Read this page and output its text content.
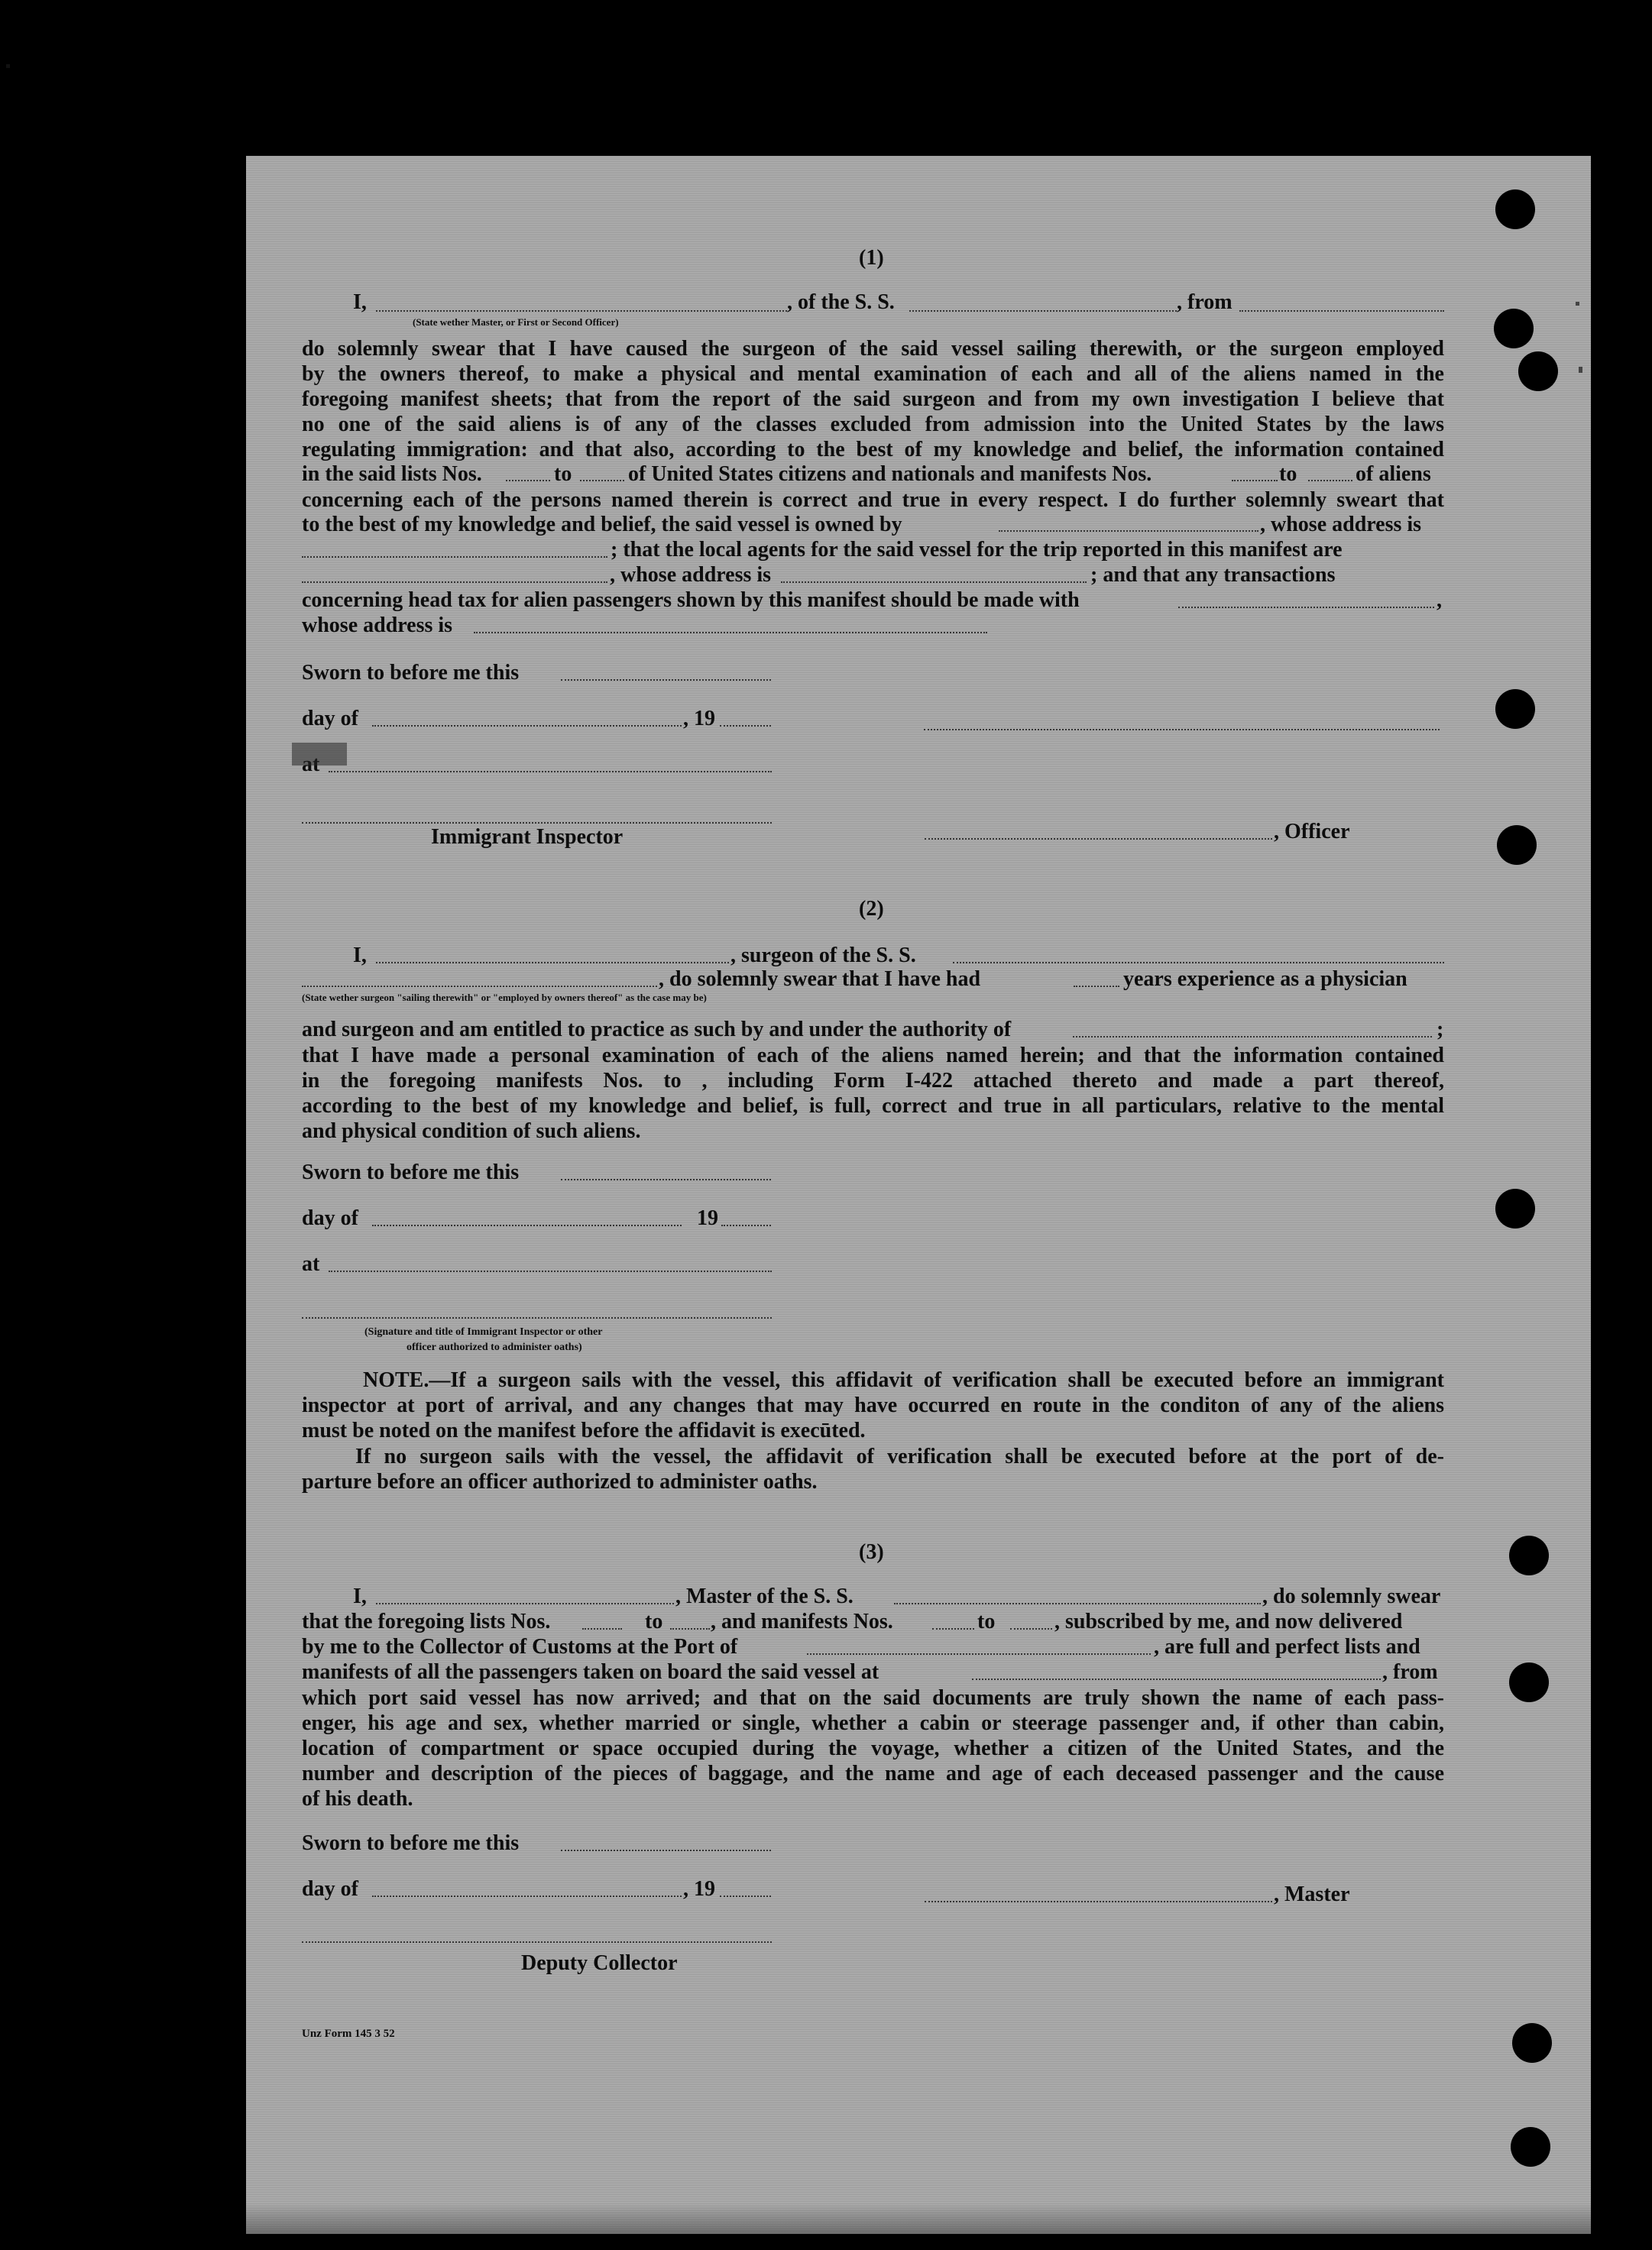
(1)
I,	, of the S. S.	, from
(State wether Master, or First or Second Officer)
do solemnly swear that I have caused the surgeon of the said vessel sailing therewith, or the surgeon employed
by the owners thereof, to make a physical and mental examination of each and all of the aliens named in the
foregoing manifest sheets; that from the report of the said surgeon and from my own investigation I believe that
no one of the said aliens is of any of the classes excluded from admission into the United States by the laws
regulating immigration: and that also, according to the best of my knowledge and belief, the information contained
in the said lists Nos.	to	of United States citizens and nationals and manifests Nos.	to	of aliens
concerning each of the persons named therein is correct and true in every respect. I do further solemnly sweart that
to the best of my knowledge and belief, the said vessel is owned by	, whose address is
; that the local agents for the said vessel for the trip reported in this manifest are
, whose address is	; and that any transactions
concerning head tax for alien passengers shown by this manifest should be made with	,
whose address is
Sworn to before me this
day of	, 19
Immigrant Inspector	, Officer
(2)
I,	, surgeon of the S. S.
, do solemnly swear that I have had	years experience as a physician
(State wether surgeon "sailing therewith" or "employed by owners thereof" as the case may be)
and surgeon and am entitled to practice as such by and under the authority of	;
that I have made a personal examination of each of the aliens named herein; and that the information contained
in the foregoing manifests Nos. to , including Form I-422 attached thereto and made a part thereof,
according to the best of my knowledge and belief, is full, correct and true in all particulars, relative to the mental
and physical condition of such aliens.
Sworn to before me this
day of	19
at
(Signature and title of Immigrant Inspector or other
officer authorized to administer oaths)
NOTE.—If a surgeon sails with the vessel, this affidavit of verification shall be executed before an immigrant
inspector at port of arrival, and any changes that may have occurred en route in the conditon of any of the aliens
must be noted on the manifest before the affidavit is execūted.
If no surgeon sails with the vessel, the affidavit of verification shall be executed before at the port of de-
parture before an officer authorized to administer oaths.
(3)
I,	, Master of the S. S.	, do solemnly swear
that the foregoing lists Nos.	to , and manifests Nos.	to	, subscribed by me, and now delivered
by me to the Collector of Customs at the Port of	, are full and perfect lists and
manifests of all the passengers taken on board the said vessel at	, from
which port said vessel has now arrived; and that on the said documents are truly shown the name of each pass-
enger, his age and sex, whether married or single, whether a cabin or steerage passenger and, if other than cabin,
location of compartment or space occupied during the voyage, whether a citizen of the United States, and the
number and description of the pieces of baggage, and the name and age of each deceased passenger and the cause
of his death.
Sworn to before me this
day of	, 19	, Master
Deputy Collector
Unz Form 145 3 52
